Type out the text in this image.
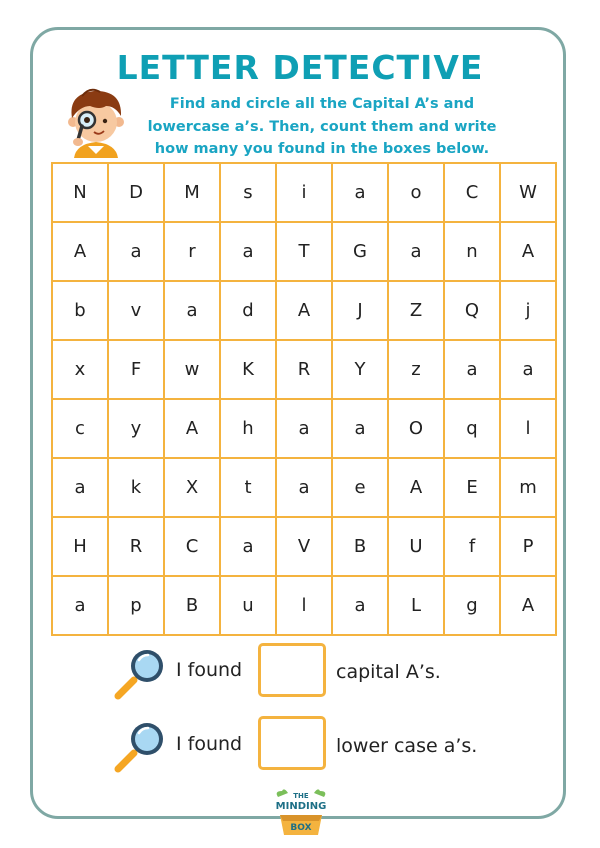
LETTER DETECTIVE
Find and circle all the Capital A’s and
lowercase a’s. Then, count them and write
how many you found in the boxes below.
N	D	M	s	i	a	o	C	W
A	a	r	a	T	G	a	n	A
b	v	a	d	A	J	Z	Q	j
x	F	w	K	R	Y	z	a	a
c	y	A	h	a	a	O	q	l
a	k	X	t	a	e	A	E	m
H	R	C	a	V	B	U	f	P
a	p	B	u	l	a	L	g	A
I found	capital A’s.
I found	lower case a’s.
THE
MINDING
BOX
